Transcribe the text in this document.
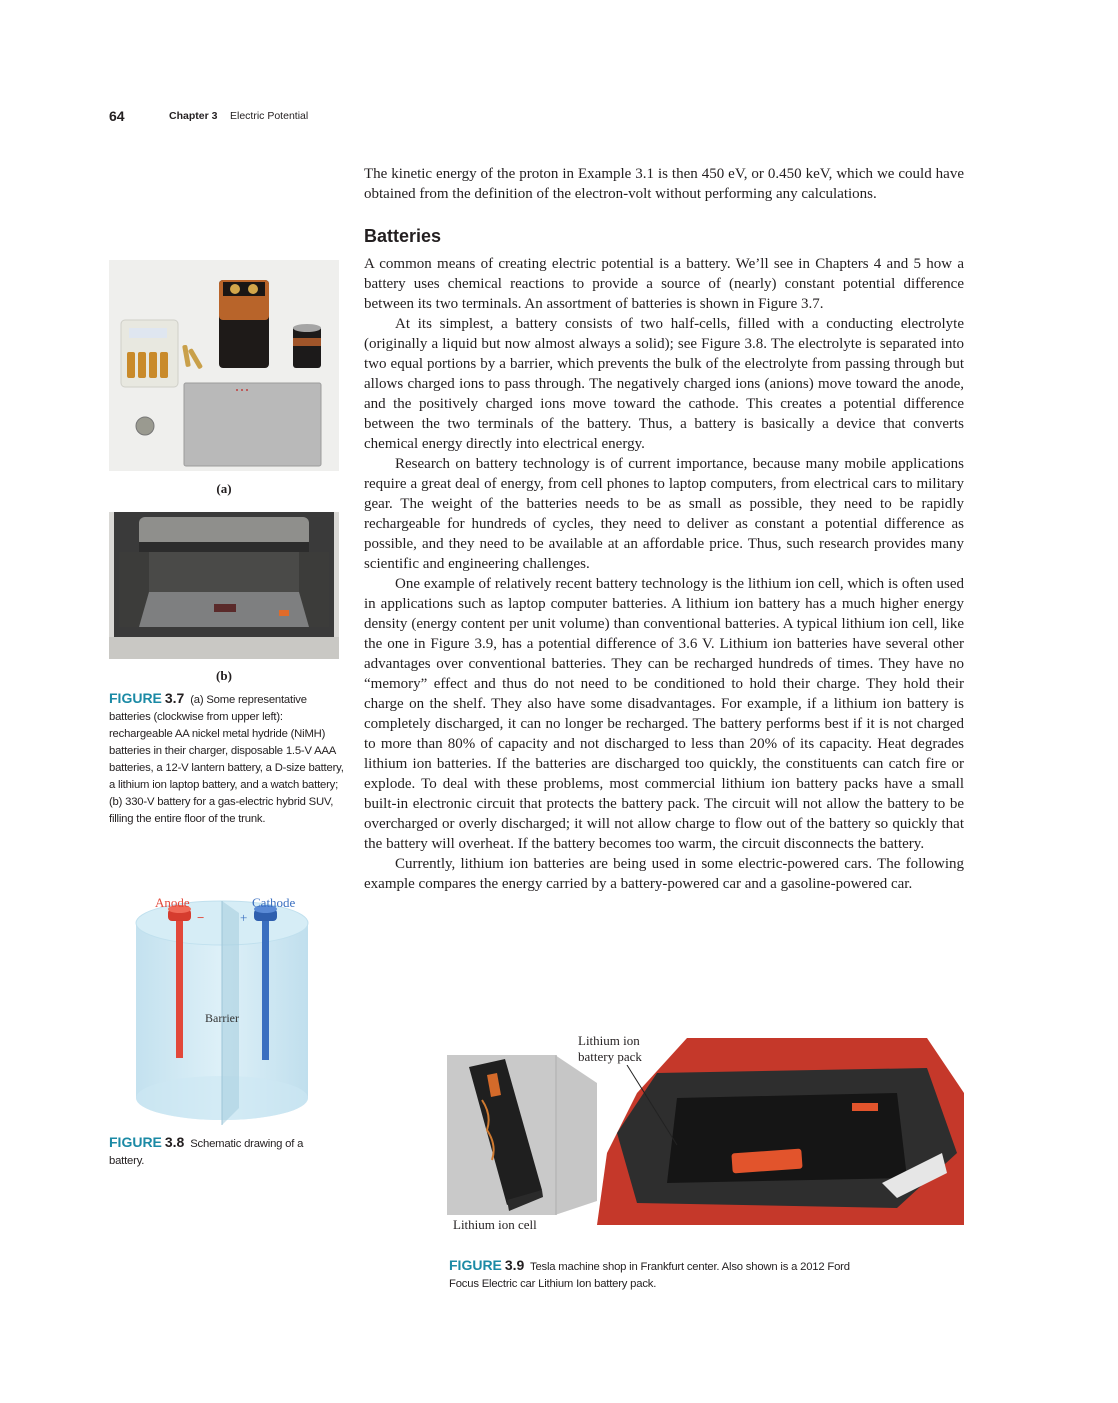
64	Chapter 3 Electric Potential

The kinetic energy of the proton in Example 3.1 is then 450 eV, or 0.450 keV, which we could have obtained from the definition of the electron-volt without performing any calculations.

Batteries

A common means of creating electric potential is a battery. We’ll see in Chapters 4 and 5 how a battery uses chemical reactions to provide a source of (nearly) constant potential difference between its two terminals. An assortment of batteries is shown in Figure 3.7.

At its simplest, a battery consists of two half-cells, filled with a conducting electrolyte (originally a liquid but now almost always a solid); see Figure 3.8. The electrolyte is separated into two equal portions by a barrier, which prevents the bulk of the electrolyte from passing through but allows charged ions to pass through. The negatively charged ions (anions) move toward the anode, and the positively charged ions move toward the cathode. This creates a potential difference between the two terminals of the battery. Thus, a battery is basically a device that converts chemical energy directly into electrical energy.

Research on battery technology is of current importance, because many mobile applications require a great deal of energy, from cell phones to laptop computers, from electrical cars to military gear. The weight of the batteries needs to be as small as possible, they need to be rapidly rechargeable for hundreds of cycles, they need to deliver as constant a potential difference as possible, and they need to be available at an affordable price. Thus, such research provides many scientific and engineering challenges.

One example of relatively recent battery technology is the lithium ion cell, which is often used in applications such as laptop computer batteries. A lithium ion battery has a much higher energy density (energy content per unit volume) than conventional batteries. A typical lithium ion cell, like the one in Figure 3.9, has a potential difference of 3.6 V. Lithium ion batteries have several other advantages over conventional batteries. They can be recharged hundreds of times. They have no “memory” effect and thus do not need to be conditioned to hold their charge. They hold their charge on the shelf. They also have some disadvantages. For example, if a lithium ion battery is completely discharged, it can no longer be recharged. The battery performs best if it is not charged to more than 80% of capacity and not discharged to less than 20% of its capacity. Heat degrades lithium ion batteries. If the batteries are discharged too quickly, the constituents can catch fire or explode. To deal with these problems, most commercial lithium ion battery packs have a small built-in electronic circuit that protects the battery pack. The circuit will not allow the battery to be overcharged or overly discharged; it will not allow charge to flow out of the battery so quickly that the battery will overheat. If the battery becomes too warm, the circuit disconnects the battery.

Currently, lithium ion batteries are being used in some electric-powered cars. The following example compares the energy carried by a battery-powered car and a gasoline-powered car.

(a)
(b)
FIGURE 3.7 (a) Some representative batteries (clockwise from upper left): rechargeable AA nickel metal hydride (NiMH) batteries in their charger, disposable 1.5-V AAA batteries, a 12-V lantern battery, a D-size battery, a lithium ion laptop battery, and a watch battery; (b) 330-V battery for a gas-electric hybrid SUV, filling the entire floor of the trunk.
Anode	Cathode
−	+
Barrier
FIGURE 3.8 Schematic drawing of a battery.
Lithium ion
battery pack
Lithium ion cell
FIGURE 3.9 Tesla machine shop in Frankfurt center. Also shown is a 2012 Ford Focus Electric car Lithium Ion battery pack.
